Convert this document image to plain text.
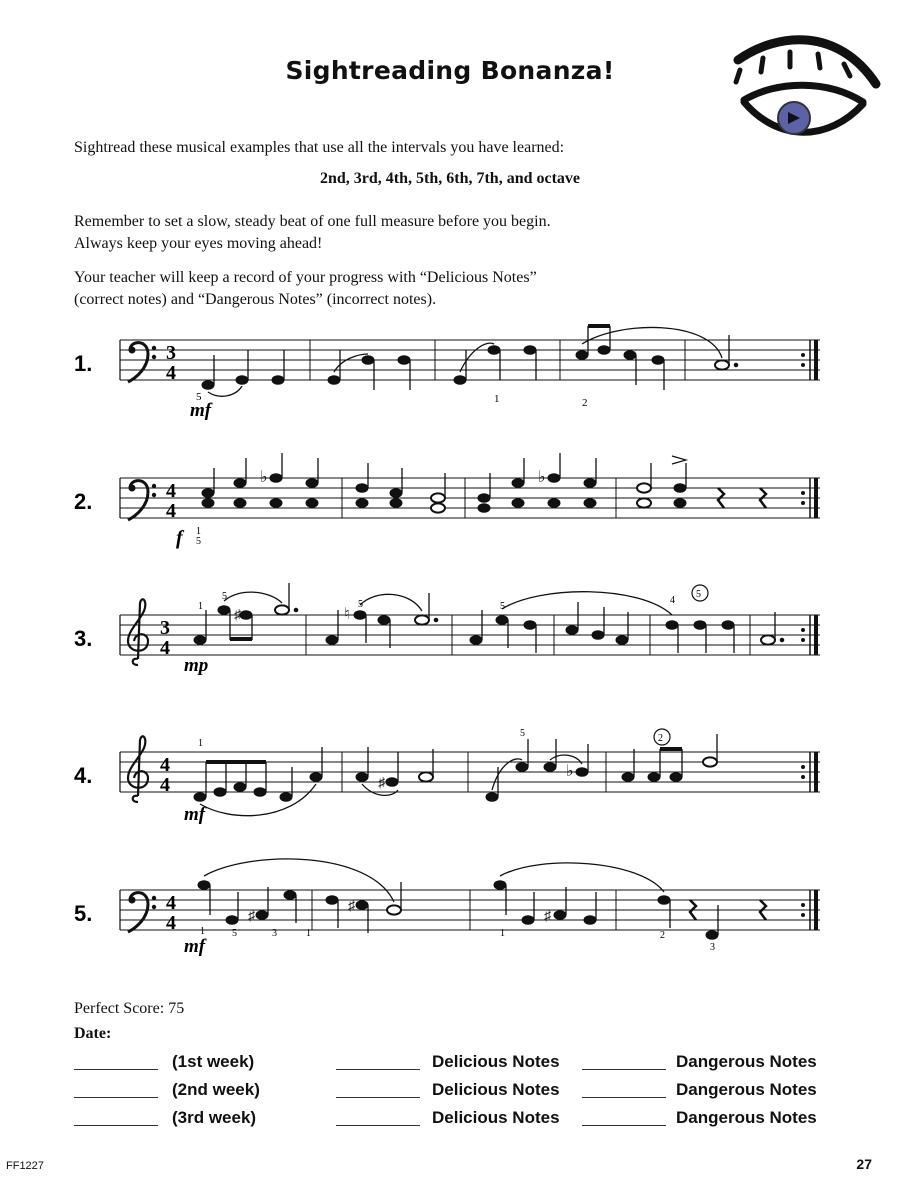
Sightreading Bonanza!
Sightread these musical examples that use all the intervals you have learned:
2nd, 3rd, 4th, 5th, 6th, 7th, and octave
Remember to set a slow, steady beat of one full measure before you begin.
Always keep your eyes moving ahead!
Your teacher will keep a record of your progress with “Delicious Notes”
(correct notes) and “Dangerous Notes” (incorrect notes).
1.	3
4
5
mf
1	2
2.	4
4
♭	♭
f 1
5
3.	3
4
♯	♮
1
5
5	5
4
5
mp
4.	4
4	♯
♭
1
5	2
mf
5.	4
4	♯
♯
♯
1	5	3	1	1	2
3
mf
Perfect Score: 75
Date:
(1st week)	Delicious Notes	Dangerous Notes
(2nd week)	Delicious Notes	Dangerous Notes
(3rd week)	Delicious Notes	Dangerous Notes
FF1227	27
